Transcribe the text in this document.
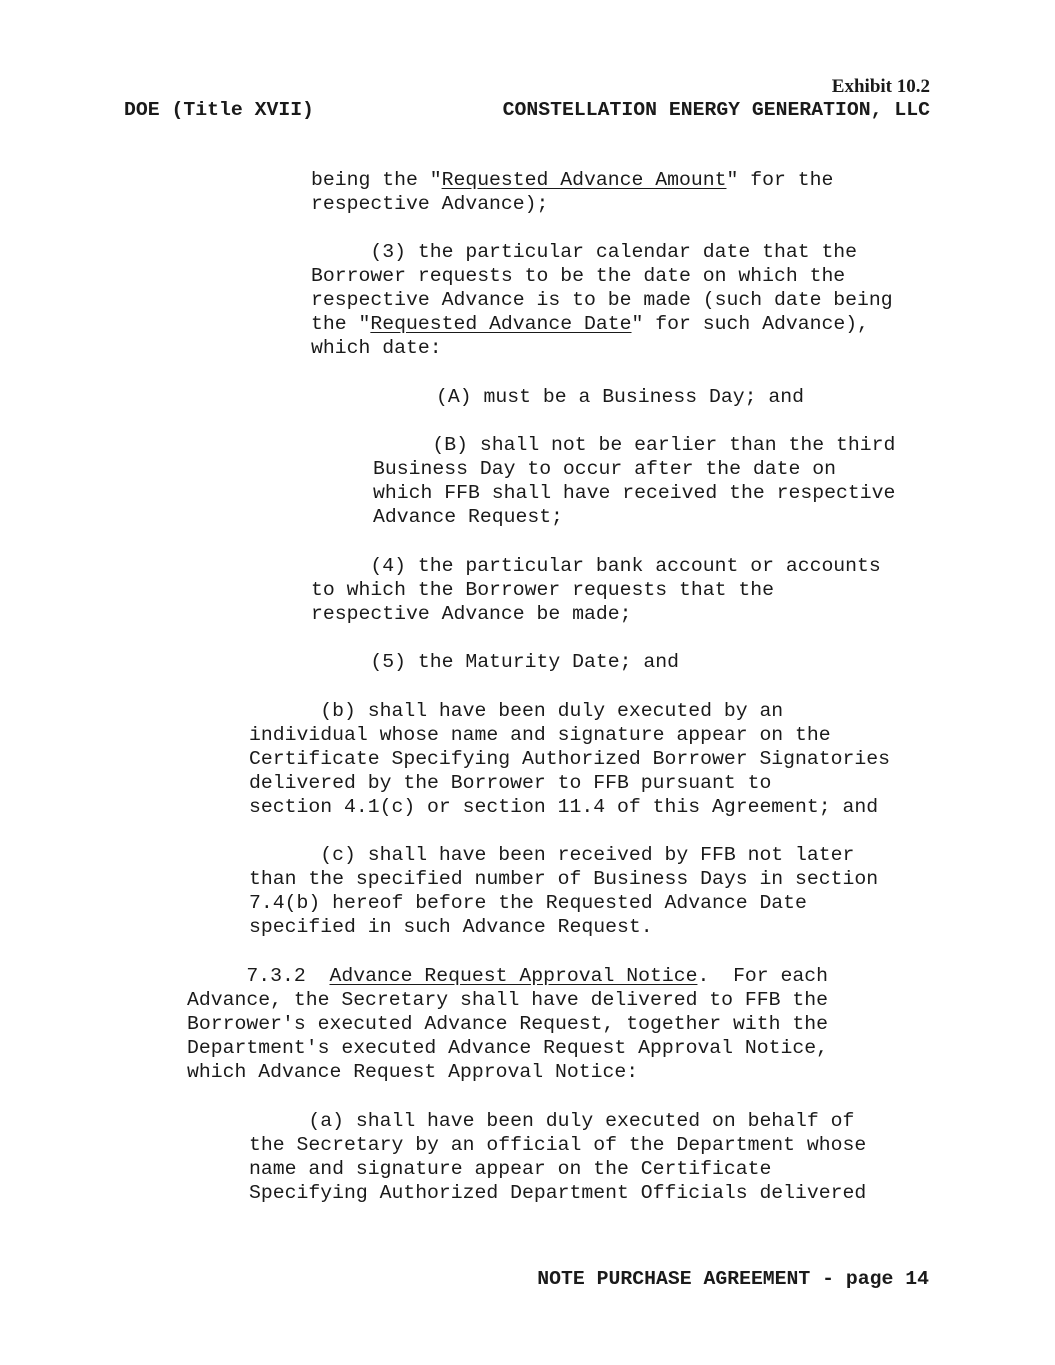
Exhibit 10.2
DOE (Title XVII)	CONSTELLATION ENERGY GENERATION, LLC
being the "Requested Advance Amount" for the
respective Advance);
(3) the particular calendar date that the
Borrower requests to be the date on which the
respective Advance is to be made (such date being
the "Requested Advance Date" for such Advance),
which date:
(A) must be a Business Day; and
(B) shall not be earlier than the third
Business Day to occur after the date on
which FFB shall have received the respective
Advance Request;
(4) the particular bank account or accounts
to which the Borrower requests that the
respective Advance be made;
(5) the Maturity Date; and
(b) shall have been duly executed by an
individual whose name and signature appear on the
Certificate Specifying Authorized Borrower Signatories
delivered by the Borrower to FFB pursuant to
section 4.1(c) or section 11.4 of this Agreement; and
(c) shall have been received by FFB not later
than the specified number of Business Days in section
7.4(b) hereof before the Requested Advance Date
specified in such Advance Request.
7.3.2  Advance Request Approval Notice.  For each
Advance, the Secretary shall have delivered to FFB the
Borrower's executed Advance Request, together with the
Department's executed Advance Request Approval Notice,
which Advance Request Approval Notice:
(a) shall have been duly executed on behalf of
the Secretary by an official of the Department whose
name and signature appear on the Certificate
Specifying Authorized Department Officials delivered
NOTE PURCHASE AGREEMENT - page 14
